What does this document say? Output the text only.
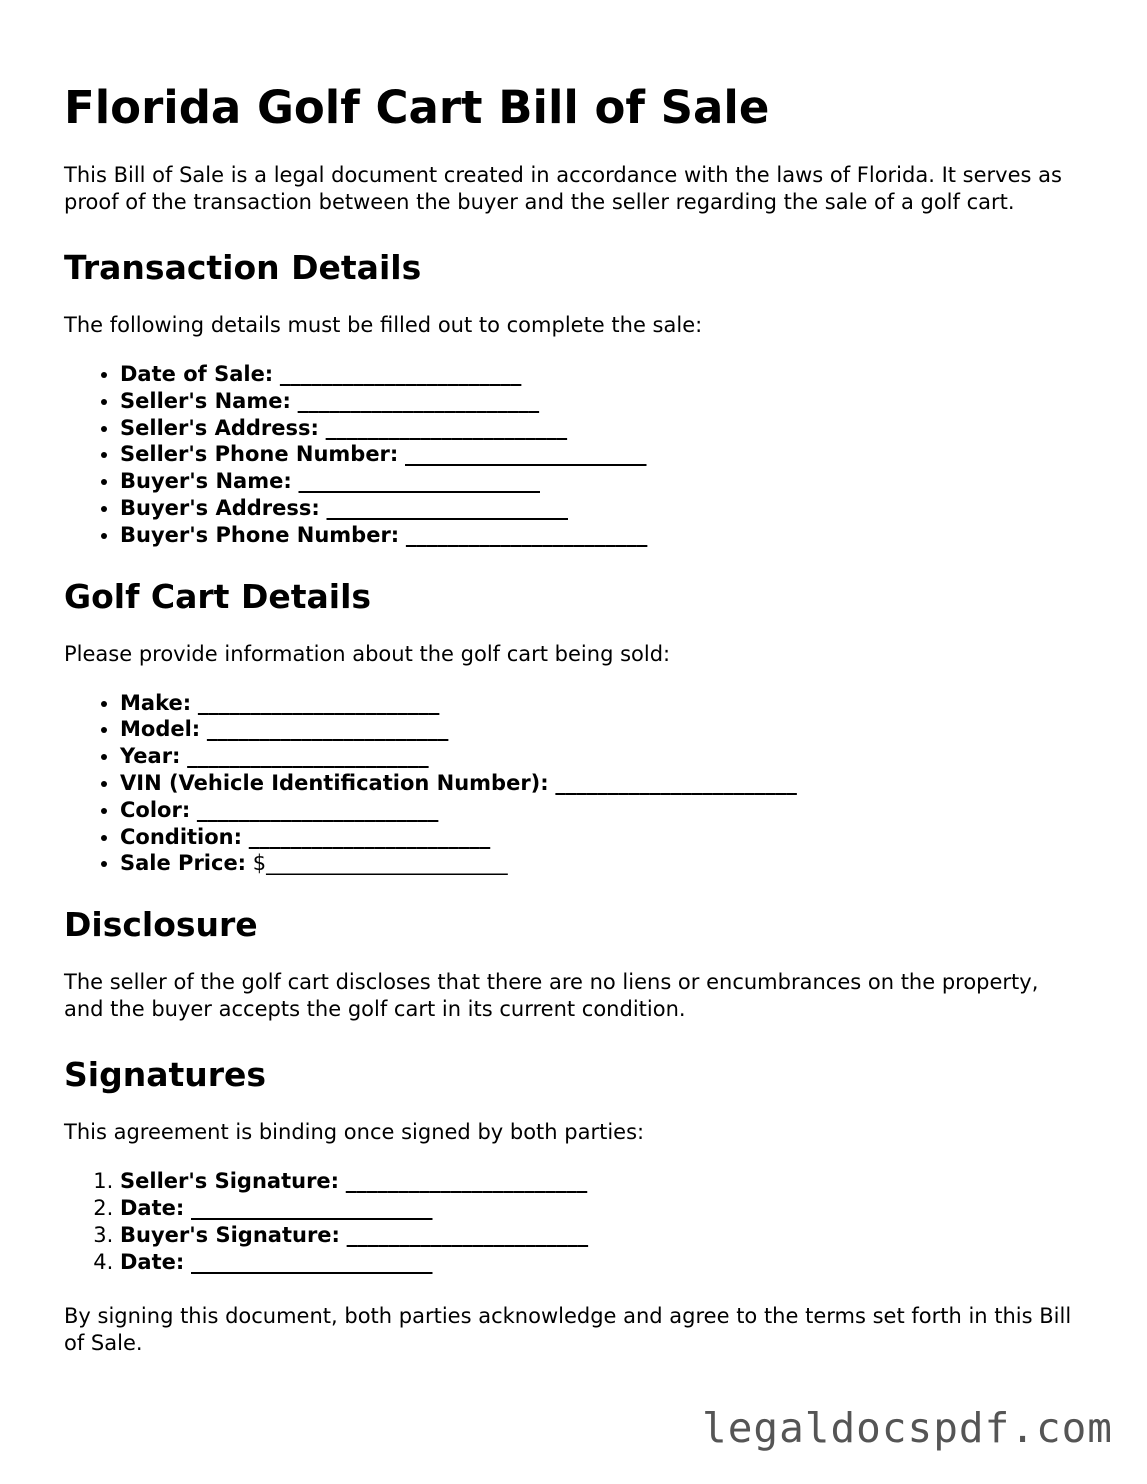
Florida Golf Cart Bill of Sale

This Bill of Sale is a legal document created in accordance with the laws of Florida. It serves as proof of the transaction between the buyer and the seller regarding the sale of a golf cart.

Transaction Details

The following details must be filled out to complete the sale:

• Date of Sale: _______________________
• Seller's Name: _______________________
• Seller's Address: _______________________
• Seller's Phone Number: _______________________
• Buyer's Name: _______________________
• Buyer's Address: _______________________
• Buyer's Phone Number: _______________________
Golf Cart Details

Please provide information about the golf cart being sold:

• Make: _______________________
• Model: _______________________
• Year: _______________________
• VIN (Vehicle Identification Number): _______________________
• Color: _______________________
• Condition: _______________________
• Sale Price: $_______________________
Disclosure

The seller of the golf cart discloses that there are no liens or encumbrances on the property, and the buyer accepts the golf cart in its current condition.

Signatures

This agreement is binding once signed by both parties:

1. Seller's Signature: _______________________
2. Date: _______________________
3. Buyer's Signature: _______________________
4. Date: _______________________

By signing this document, both parties acknowledge and agree to the terms set forth in this Bill of Sale.

legaldocspdf.com
